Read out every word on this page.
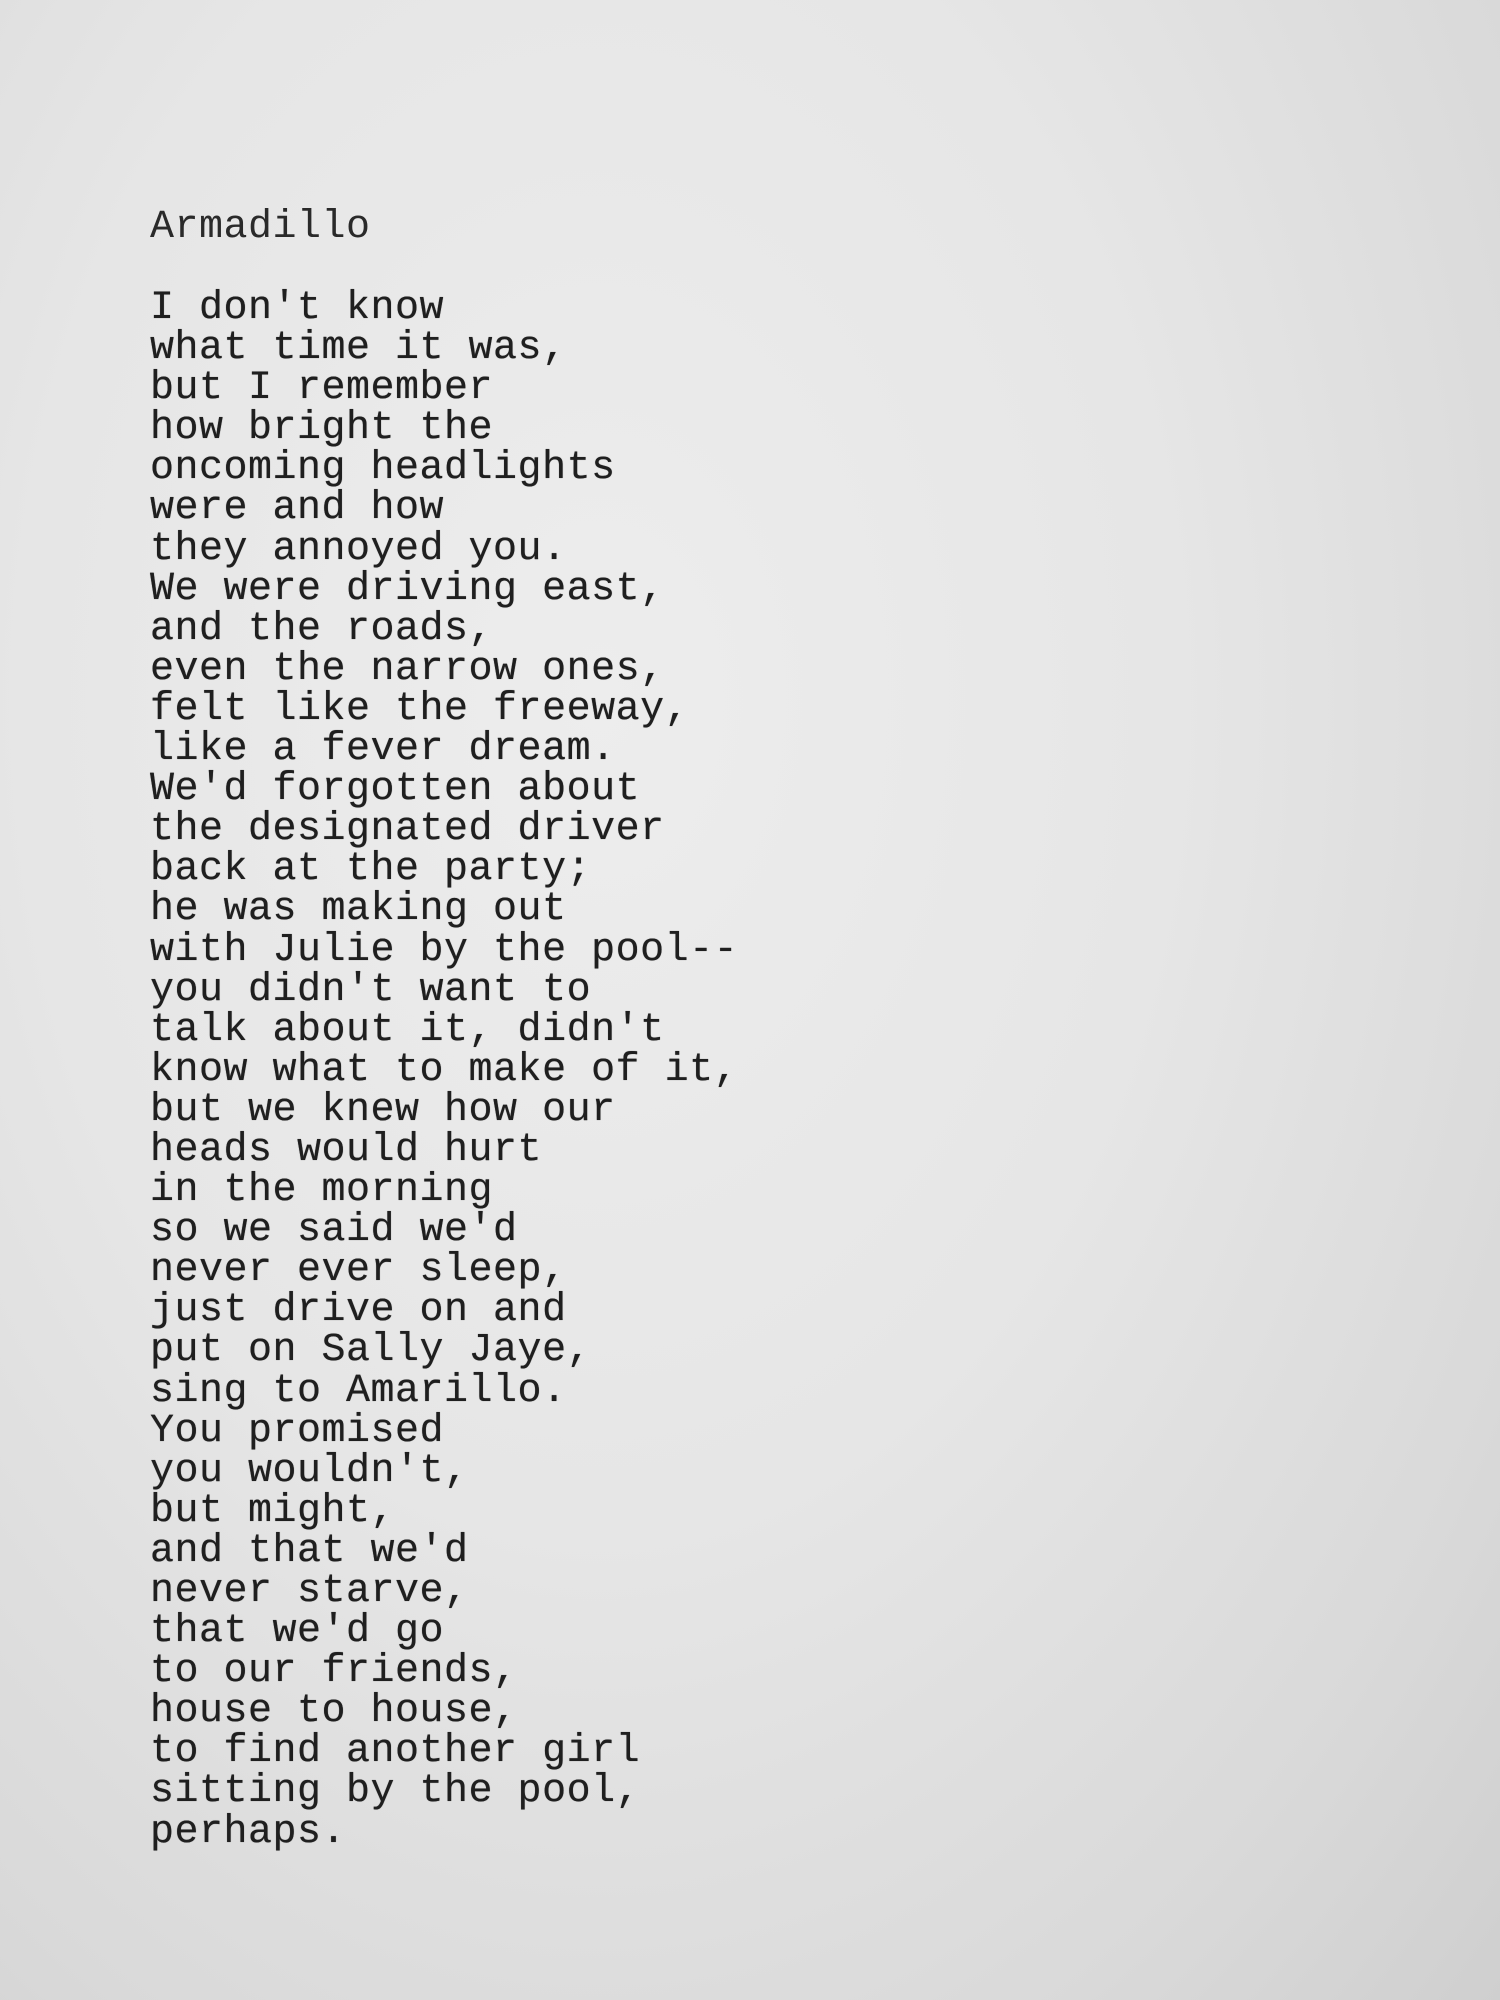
Armadillo
I don't know
what time it was,
but I remember
how bright the
oncoming headlights
were and how
they annoyed you.
We were driving east,
and the roads,
even the narrow ones,
felt like the freeway,
like a fever dream.
We'd forgotten about
the designated driver
back at the party;
he was making out
with Julie by the pool--
you didn't want to
talk about it, didn't
know what to make of it,
but we knew how our
heads would hurt
in the morning
so we said we'd
never ever sleep,
just drive on and
put on Sally Jaye,
sing to Amarillo.
You promised
you wouldn't,
but might,
and that we'd
never starve,
that we'd go
to our friends,
house to house,
to find another girl
sitting by the pool,
perhaps.
